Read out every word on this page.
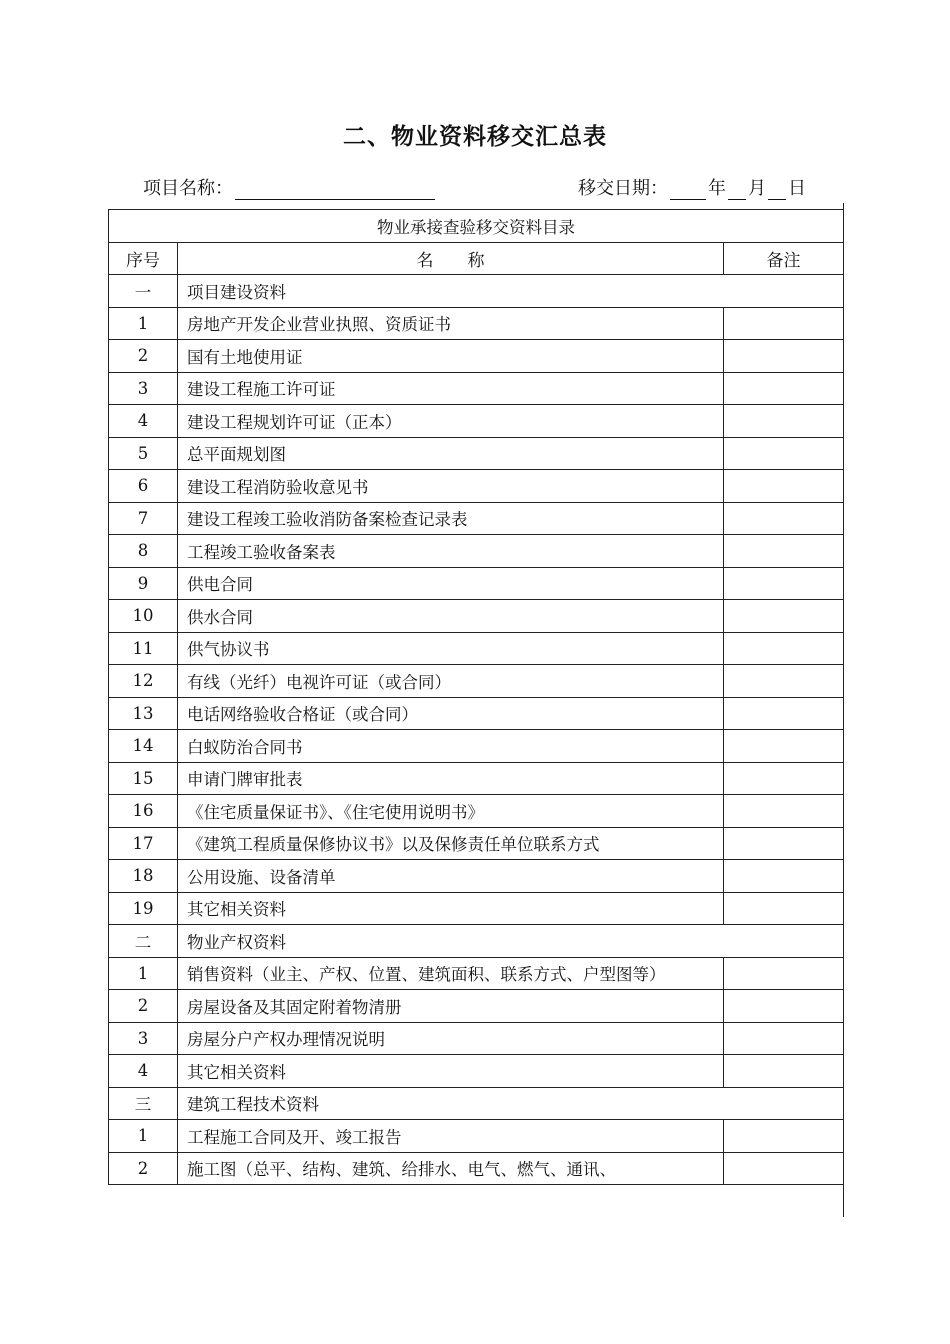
二、物业资料移交汇总表
项目名称：	移交日期： 年 月 日
物业承接查验移交资料目录		
序号	名　　称	备注
一	项目建设资料	
1	房地产开发企业营业执照、资质证书	
2	国有土地使用证	
3	建设工程施工许可证	
4	建设工程规划许可证（正本）	
5	总平面规划图	
6	建设工程消防验收意见书	
7	建设工程竣工验收消防备案检查记录表	
8	工程竣工验收备案表	
9	供电合同	
10	供水合同	
11	供气协议书	
12	有线（光纤）电视许可证（或合同）	
13	电话网络验收合格证（或合同）	
14	白蚁防治合同书	
15	申请门牌审批表	
16	《住宅质量保证书》、《住宅使用说明书》	
17	《建筑工程质量保修协议书》以及保修责任单位联系方式	
18	公用设施、设备清单	
19	其它相关资料	
二	物业产权资料	
1	销售资料（业主、产权、位置、建筑面积、联系方式、户型图等）	
2	房屋设备及其固定附着物清册	
3	房屋分户产权办理情况说明	
4	其它相关资料	
三	建筑工程技术资料	
1	工程施工合同及开、竣工报告	
2	施工图（总平、结构、建筑、给排水、电气、燃气、通讯、	
